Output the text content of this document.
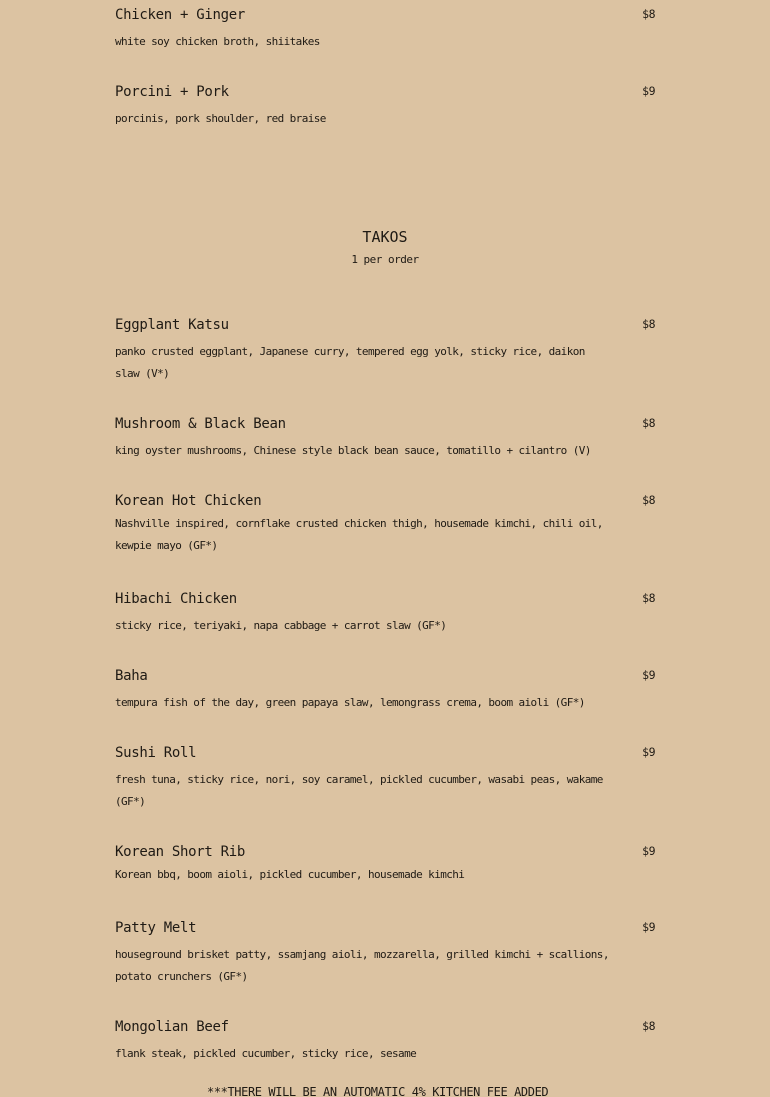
Chicken + Ginger	$8
white soy chicken broth, shiitakes
Porcini + Pork	$9
porcinis, pork shoulder, red braise
TAKOS
1 per order
Eggplant Katsu	$8
panko crusted eggplant, Japanese curry, tempered egg yolk, sticky rice, daikon slaw (V*)
Mushroom & Black Bean	$8
king oyster mushrooms, Chinese style black bean sauce, tomatillo + cilantro (V)
Korean Hot Chicken	$8
Nashville inspired, cornflake crusted chicken thigh, housemade kimchi, chili oil, kewpie mayo (GF*)
Hibachi Chicken	$8
sticky rice, teriyaki, napa cabbage + carrot slaw (GF*)
Baha	$9
tempura fish of the day, green papaya slaw, lemongrass crema, boom aioli (GF*)
Sushi Roll	$9
fresh tuna, sticky rice, nori, soy caramel, pickled cucumber, wasabi peas, wakame (GF*)
Korean Short Rib	$9
Korean bbq, boom aioli, pickled cucumber, housemade kimchi
Patty Melt	$9
houseground brisket patty, ssamjang aioli, mozzarella, grilled kimchi + scallions, potato crunchers (GF*)
Mongolian Beef	$8
flank steak, pickled cucumber, sticky rice, sesame
***THERE WILL BE AN AUTOMATIC 4% KITCHEN FEE ADDED
